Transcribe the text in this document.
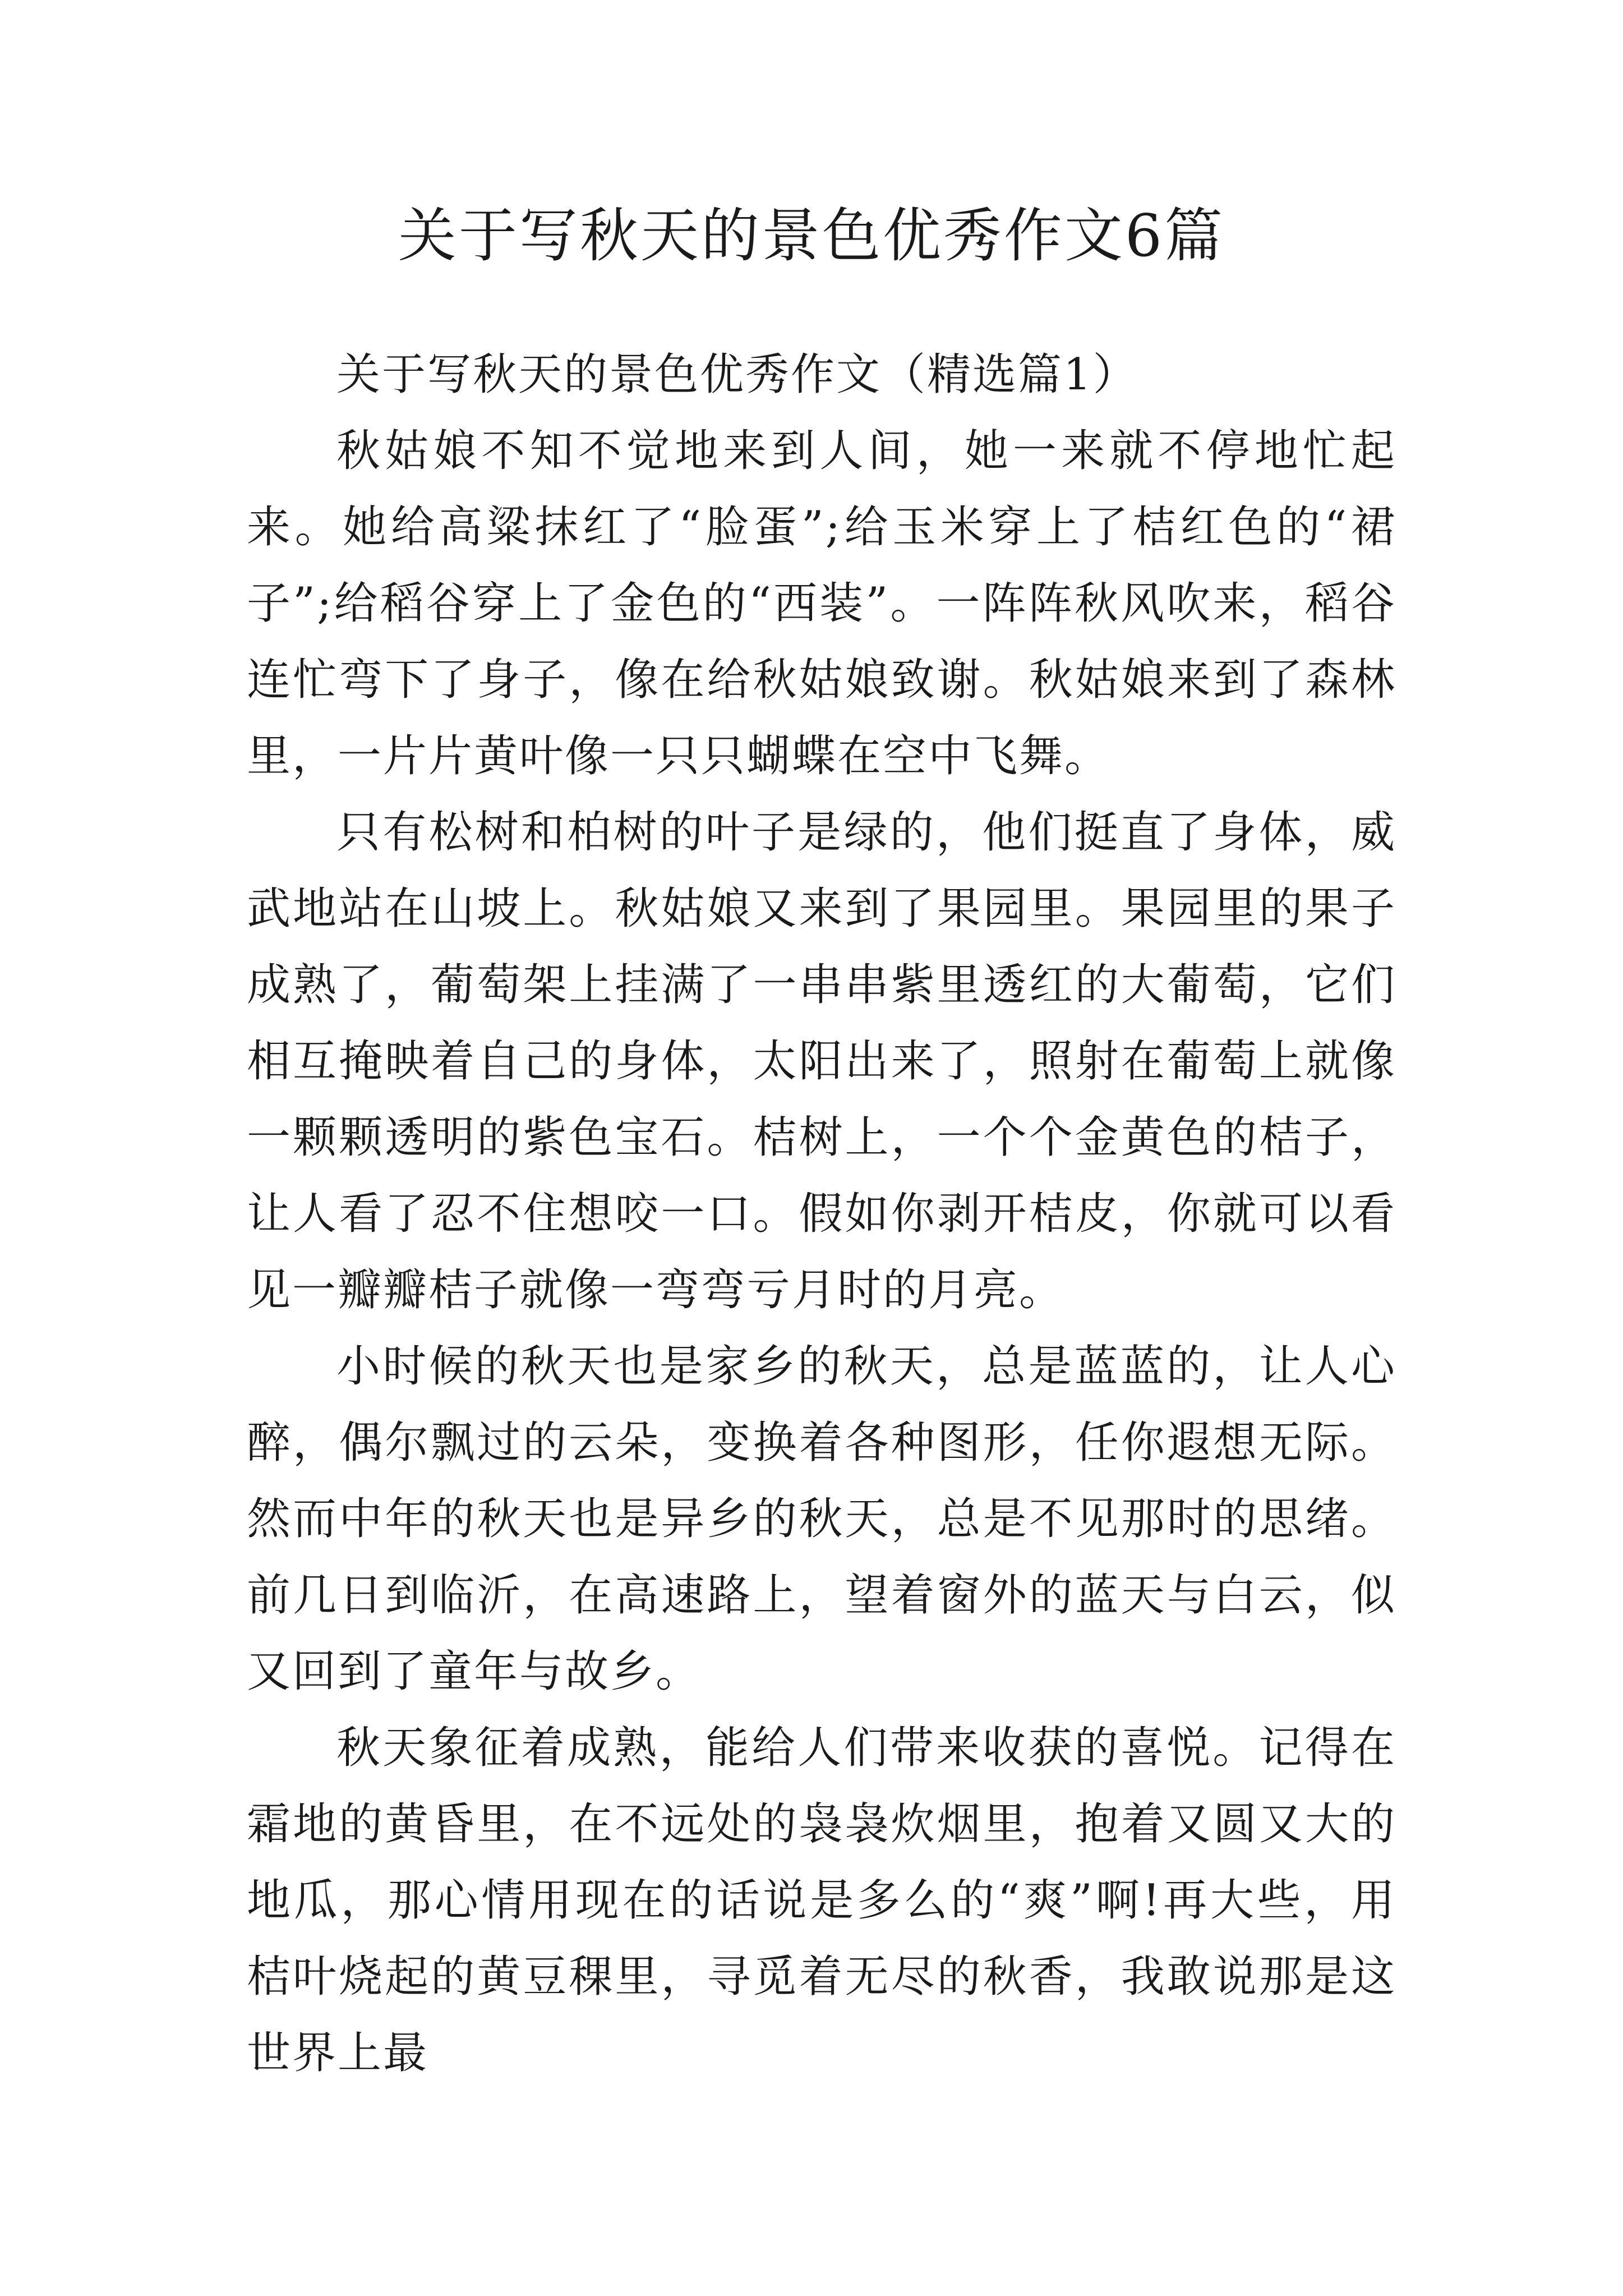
关于写秋天的景色优秀作文6篇

关于写秋天的景色优秀作文（精选篇1）

秋姑娘不知不觉地来到人间，她一来就不停地忙起来。她给高粱抹红了“脸蛋”;给玉米穿上了桔红色的“裙子”;给稻谷穿上了金色的“西装”。一阵阵秋风吹来，稻谷连忙弯下了身子，像在给秋姑娘致谢。秋姑娘来到了森林里，一片片黄叶像一只只蝴蝶在空中飞舞。

只有松树和柏树的叶子是绿的，他们挺直了身体，威武地站在山坡上。秋姑娘又来到了果园里。果园里的果子成熟了，葡萄架上挂满了一串串紫里透红的大葡萄，它们相互掩映着自己的身体，太阳出来了，照射在葡萄上就像一颗颗透明的紫色宝石。桔树上，一个个金黄色的桔子，让人看了忍不住想咬一口。假如你剥开桔皮，你就可以看见一瓣瓣桔子就像一弯弯亏月时的月亮。

小时候的秋天也是家乡的秋天，总是蓝蓝的，让人心醉，偶尔飘过的云朵，变换着各种图形，任你遐想无际。然而中年的秋天也是异乡的秋天，总是不见那时的思绪。前几日到临沂，在高速路上，望着窗外的蓝天与白云，似又回到了童年与故乡。

秋天象征着成熟，能给人们带来收获的喜悦。记得在霜地的黄昏里，在不远处的袅袅炊烟里，抱着又圆又大的地瓜，那心情用现在的话说是多么的“爽”啊!再大些，用桔叶烧起的黄豆稞里，寻觅着无尽的秋香，我敢说那是这世界上最
